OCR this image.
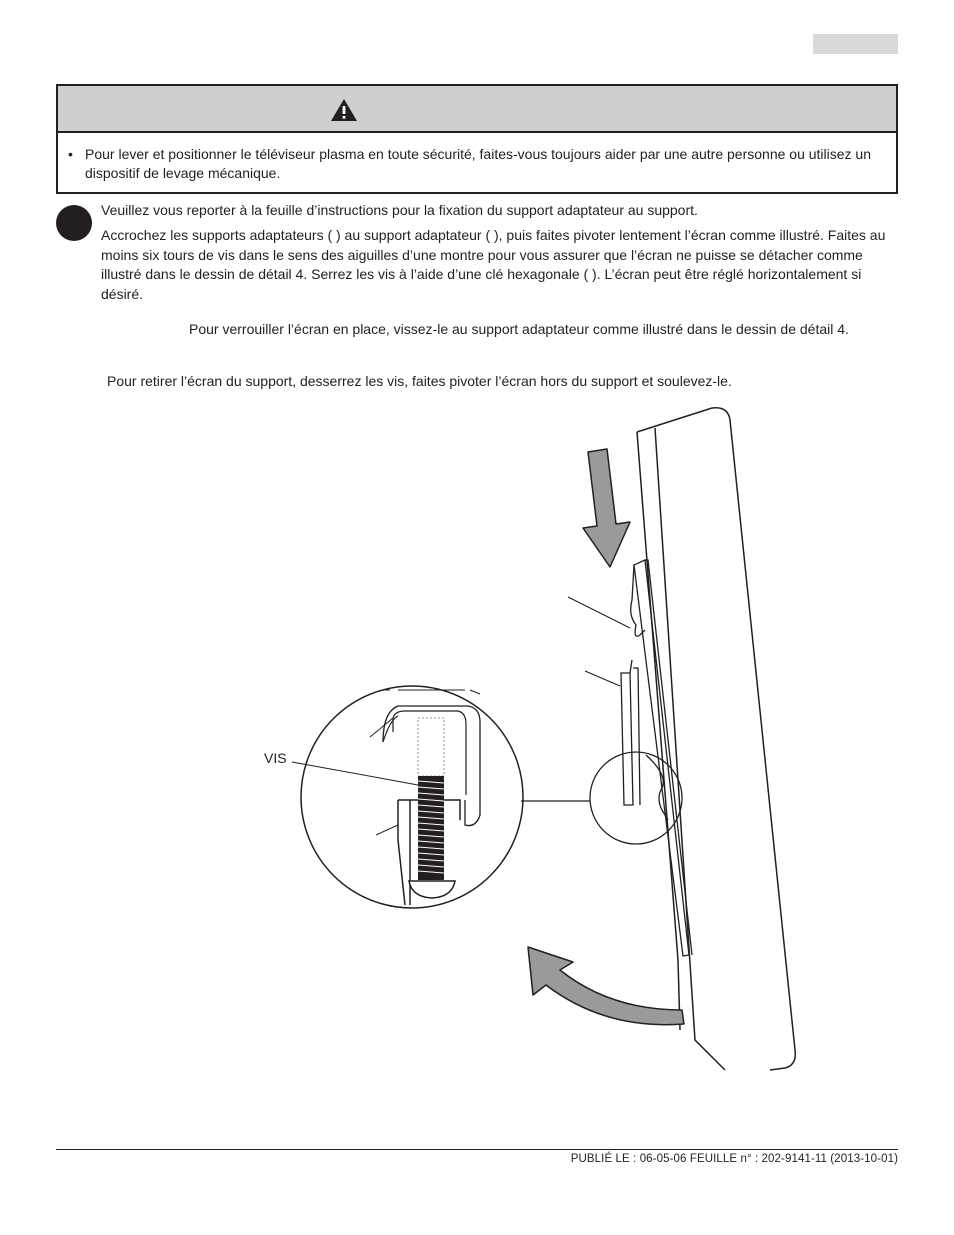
• Pour lever et positionner le téléviseur plasma en toute sécurité, faites-vous toujours aider par une autre personne ou utilisez un dispositif de levage mécanique.

Veuillez vous reporter à la feuille d’instructions pour la fixation du support adaptateur au support.

Accrochez les supports adaptateurs ( ) au support adaptateur ( ), puis faites pivoter lentement l’écran comme illustré. Faites au moins six tours de vis dans le sens des aiguilles d’une montre pour vous assurer que l’écran ne puisse se détacher comme illustré dans le dessin de détail 4. Serrez les vis à l’aide d’une clé hexagonale ( ). L’écran peut être réglé horizontalement si désiré.

Pour verrouiller l’écran en place, vissez-le au support adaptateur comme illustré dans le dessin de détail 4.

Pour retirer l’écran du support, desserrez les vis, faites pivoter l’écran hors du support et soulevez-le.

VIS
PUBLIÉ LE : 06-05-06 FEUILLE n° : 202-9141-11 (2013-10-01)
